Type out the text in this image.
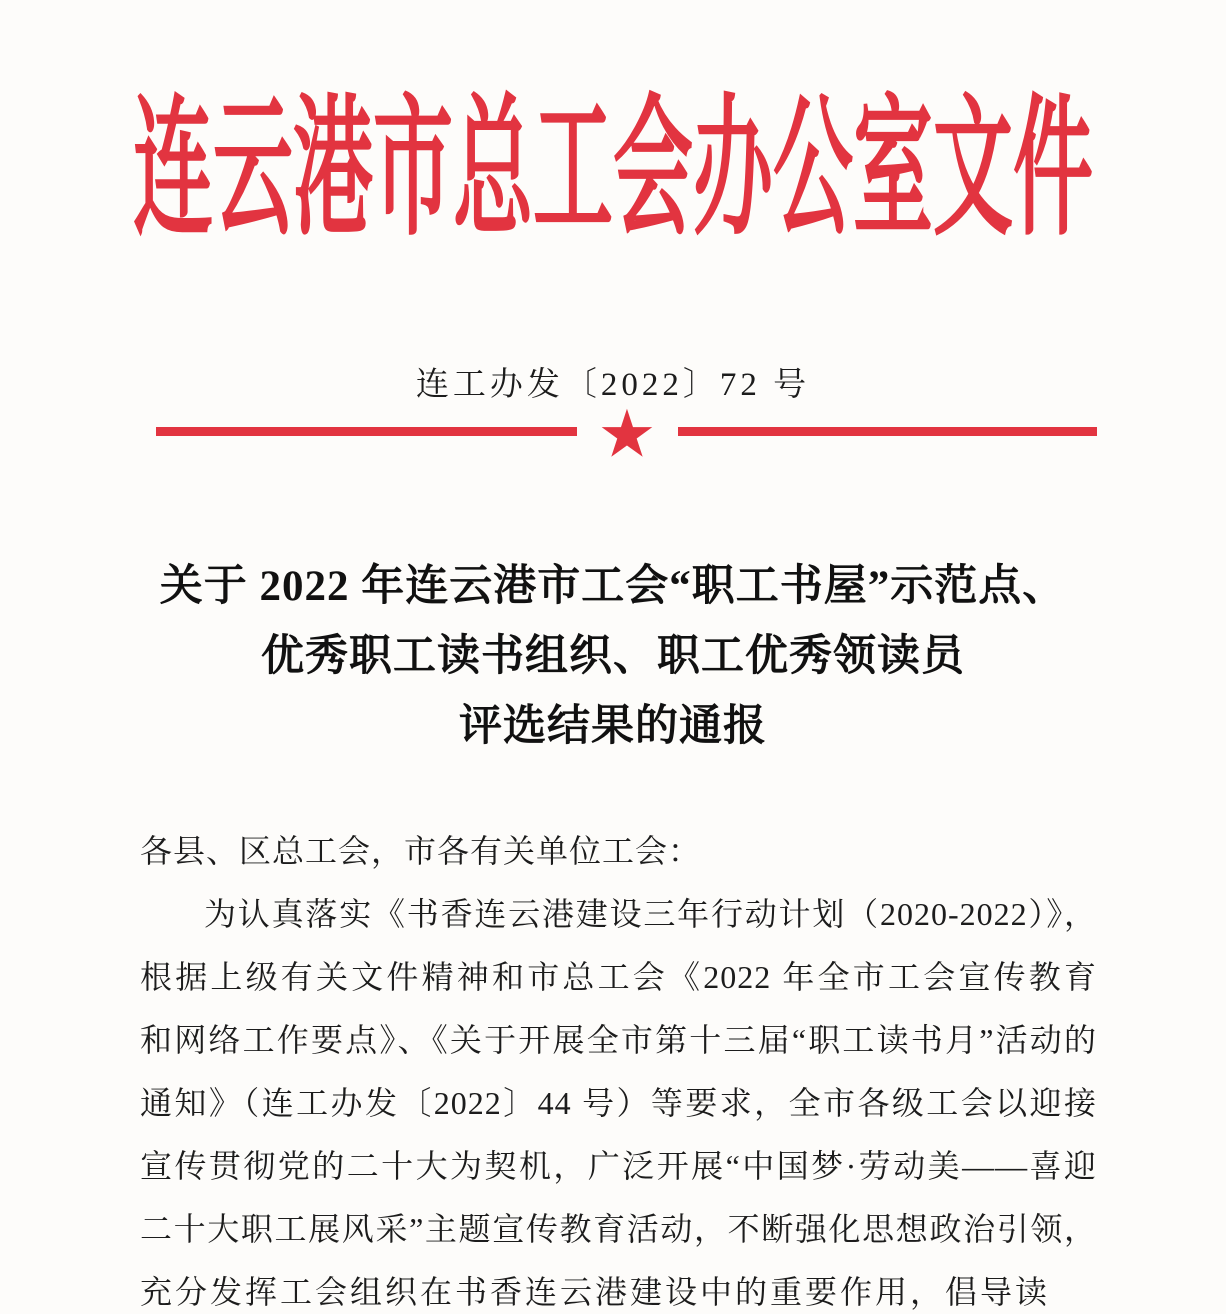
连云港市总工会办公室文件
连工办发〔2022〕72 号
★
关于 2022 年连云港市工会“职工书屋”示范点、
优秀职工读书组织、职工优秀领读员
评选结果的通报
各县、区总工会，市各有关单位工会：
为认真落实《书香连云港建设三年行动计划（2020-2022）》，
根据上级有关文件精神和市总工会《2022 年全市工会宣传教育
和网络工作要点》、《关于开展全市第十三届“职工读书月”活动的
通知》（连工办发〔2022〕44 号）等要求，全市各级工会以迎接
宣传贯彻党的二十大为契机，广泛开展“中国梦·劳动美——喜迎
二十大职工展风采”主题宣传教育活动，不断强化思想政治引领，
充分发挥工会组织在书香连云港建设中的重要作用，倡导读
